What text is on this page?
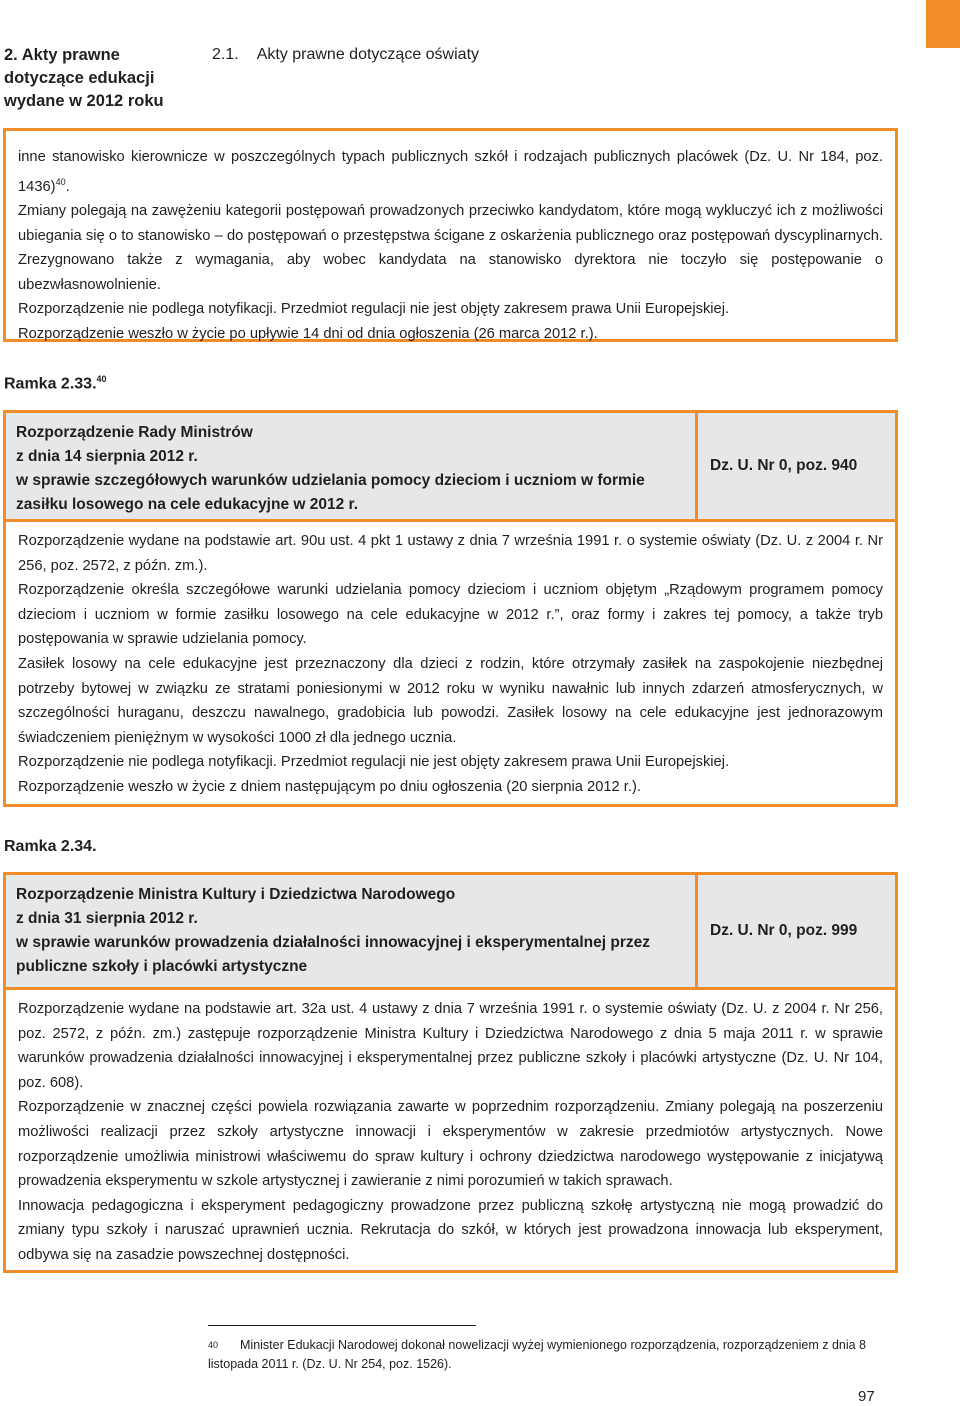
2. Akty prawne
dotyczące edukacji
wydane w 2012 roku
2.1. Akty prawne dotyczące oświaty

inne stanowisko kierownicze w poszczególnych typach publicznych szkół i rodzajach publicznych placówek (Dz. U. Nr 184, poz. 1436)$^{40}$.

Zmiany polegają na zawężeniu kategorii postępowań prowadzonych przeciwko kandydatom, które mogą wykluczyć ich z możliwości ubiegania się o to stanowisko – do postępowań o przestępstwa ścigane z oskarżenia publicznego oraz postępowań dyscyplinarnych. Zrezygnowano także z wymagania, aby wobec kandydata na stanowisko dyrektora nie toczyło się postępowanie o ubezwłasnowolnienie.

Rozporządzenie nie podlega notyfikacji. Przedmiot regulacji nie jest objęty zakresem prawa Unii Europejskiej.

Rozporządzenie weszło w życie po upływie 14 dni od dnia ogłoszenia (26 marca 2012 r.).

Ramka 2.33.40

Rozporządzenie Rady Ministrów

z dnia 14 sierpnia 2012 r.

w sprawie szczegółowych warunków udzielania pomocy dzieciom i uczniom w formie zasiłku losowego na cele edukacyjne w 2012 r.

Dz. U. Nr 0, poz. 940

Rozporządzenie wydane na podstawie art. 90u ust. 4 pkt 1 ustawy z dnia 7 września 1991 r. o systemie oświaty (Dz. U. z 2004 r. Nr 256, poz. 2572, z późn. zm.).

Rozporządzenie określa szczegółowe warunki udzielania pomocy dzieciom i uczniom objętym „Rządowym programem pomocy dzieciom i uczniom w formie zasiłku losowego na cele edukacyjne w 2012 r.”, oraz formy i zakres tej pomocy, a także tryb postępowania w sprawie udzielania pomocy.

Zasiłek losowy na cele edukacyjne jest przeznaczony dla dzieci z rodzin, które otrzymały zasiłek na zaspokojenie niezbędnej potrzeby bytowej w związku ze stratami poniesionymi w 2012 roku w wyniku nawałnic lub innych zdarzeń atmosferycznych, w szczególności huraganu, deszczu nawalnego, gradobicia lub powodzi. Zasiłek losowy na cele edukacyjne jest jednorazowym świadczeniem pieniężnym w wysokości 1000 zł dla jednego ucznia.

Rozporządzenie nie podlega notyfikacji. Przedmiot regulacji nie jest objęty zakresem prawa Unii Europejskiej.

Rozporządzenie weszło w życie z dniem następującym po dniu ogłoszenia (20 sierpnia 2012 r.).

Ramka 2.34.

Rozporządzenie Ministra Kultury i Dziedzictwa Narodowego

z dnia 31 sierpnia 2012 r.

w sprawie warunków prowadzenia działalności innowacyjnej i eksperymentalnej przez publiczne szkoły i placówki artystyczne

Dz. U. Nr 0, poz. 999

Rozporządzenie wydane na podstawie art. 32a ust. 4 ustawy z dnia 7 września 1991 r. o systemie oświaty (Dz. U. z 2004 r. Nr 256, poz. 2572, z późn. zm.) zastępuje rozporządzenie Ministra Kultury i Dziedzictwa Narodowego z dnia 5 maja 2011 r. w sprawie warunków prowadzenia działalności innowacyjnej i eksperymentalnej przez publiczne szkoły i placówki artystyczne (Dz. U. Nr 104, poz. 608).

Rozporządzenie w znacznej części powiela rozwiązania zawarte w poprzednim rozporządzeniu. Zmiany polegają na poszerzeniu możliwości realizacji przez szkoły artystyczne innowacji i eksperymentów w zakresie przedmiotów artystycznych. Nowe rozporządzenie umożliwia ministrowi właściwemu do spraw kultury i ochrony dziedzictwa narodowego występowanie z inicjatywą prowadzenia eksperymentu w szkole artystycznej i zawieranie z nimi porozumień w takich sprawach.

Innowacja pedagogiczna i eksperyment pedagogiczny prowadzone przez publiczną szkołę artystyczną nie mogą prowadzić do zmiany typu szkoły i naruszać uprawnień ucznia. Rekrutacja do szkół, w których jest prowadzona innowacja lub eksperyment, odbywa się na zasadzie powszechnej dostępności.

40 Minister Edukacji Narodowej dokonał nowelizacji wyżej wymienionego rozporządzenia, rozporządzeniem z dnia 8 listopada 2011 r. (Dz. U. Nr 254, poz. 1526).
97
